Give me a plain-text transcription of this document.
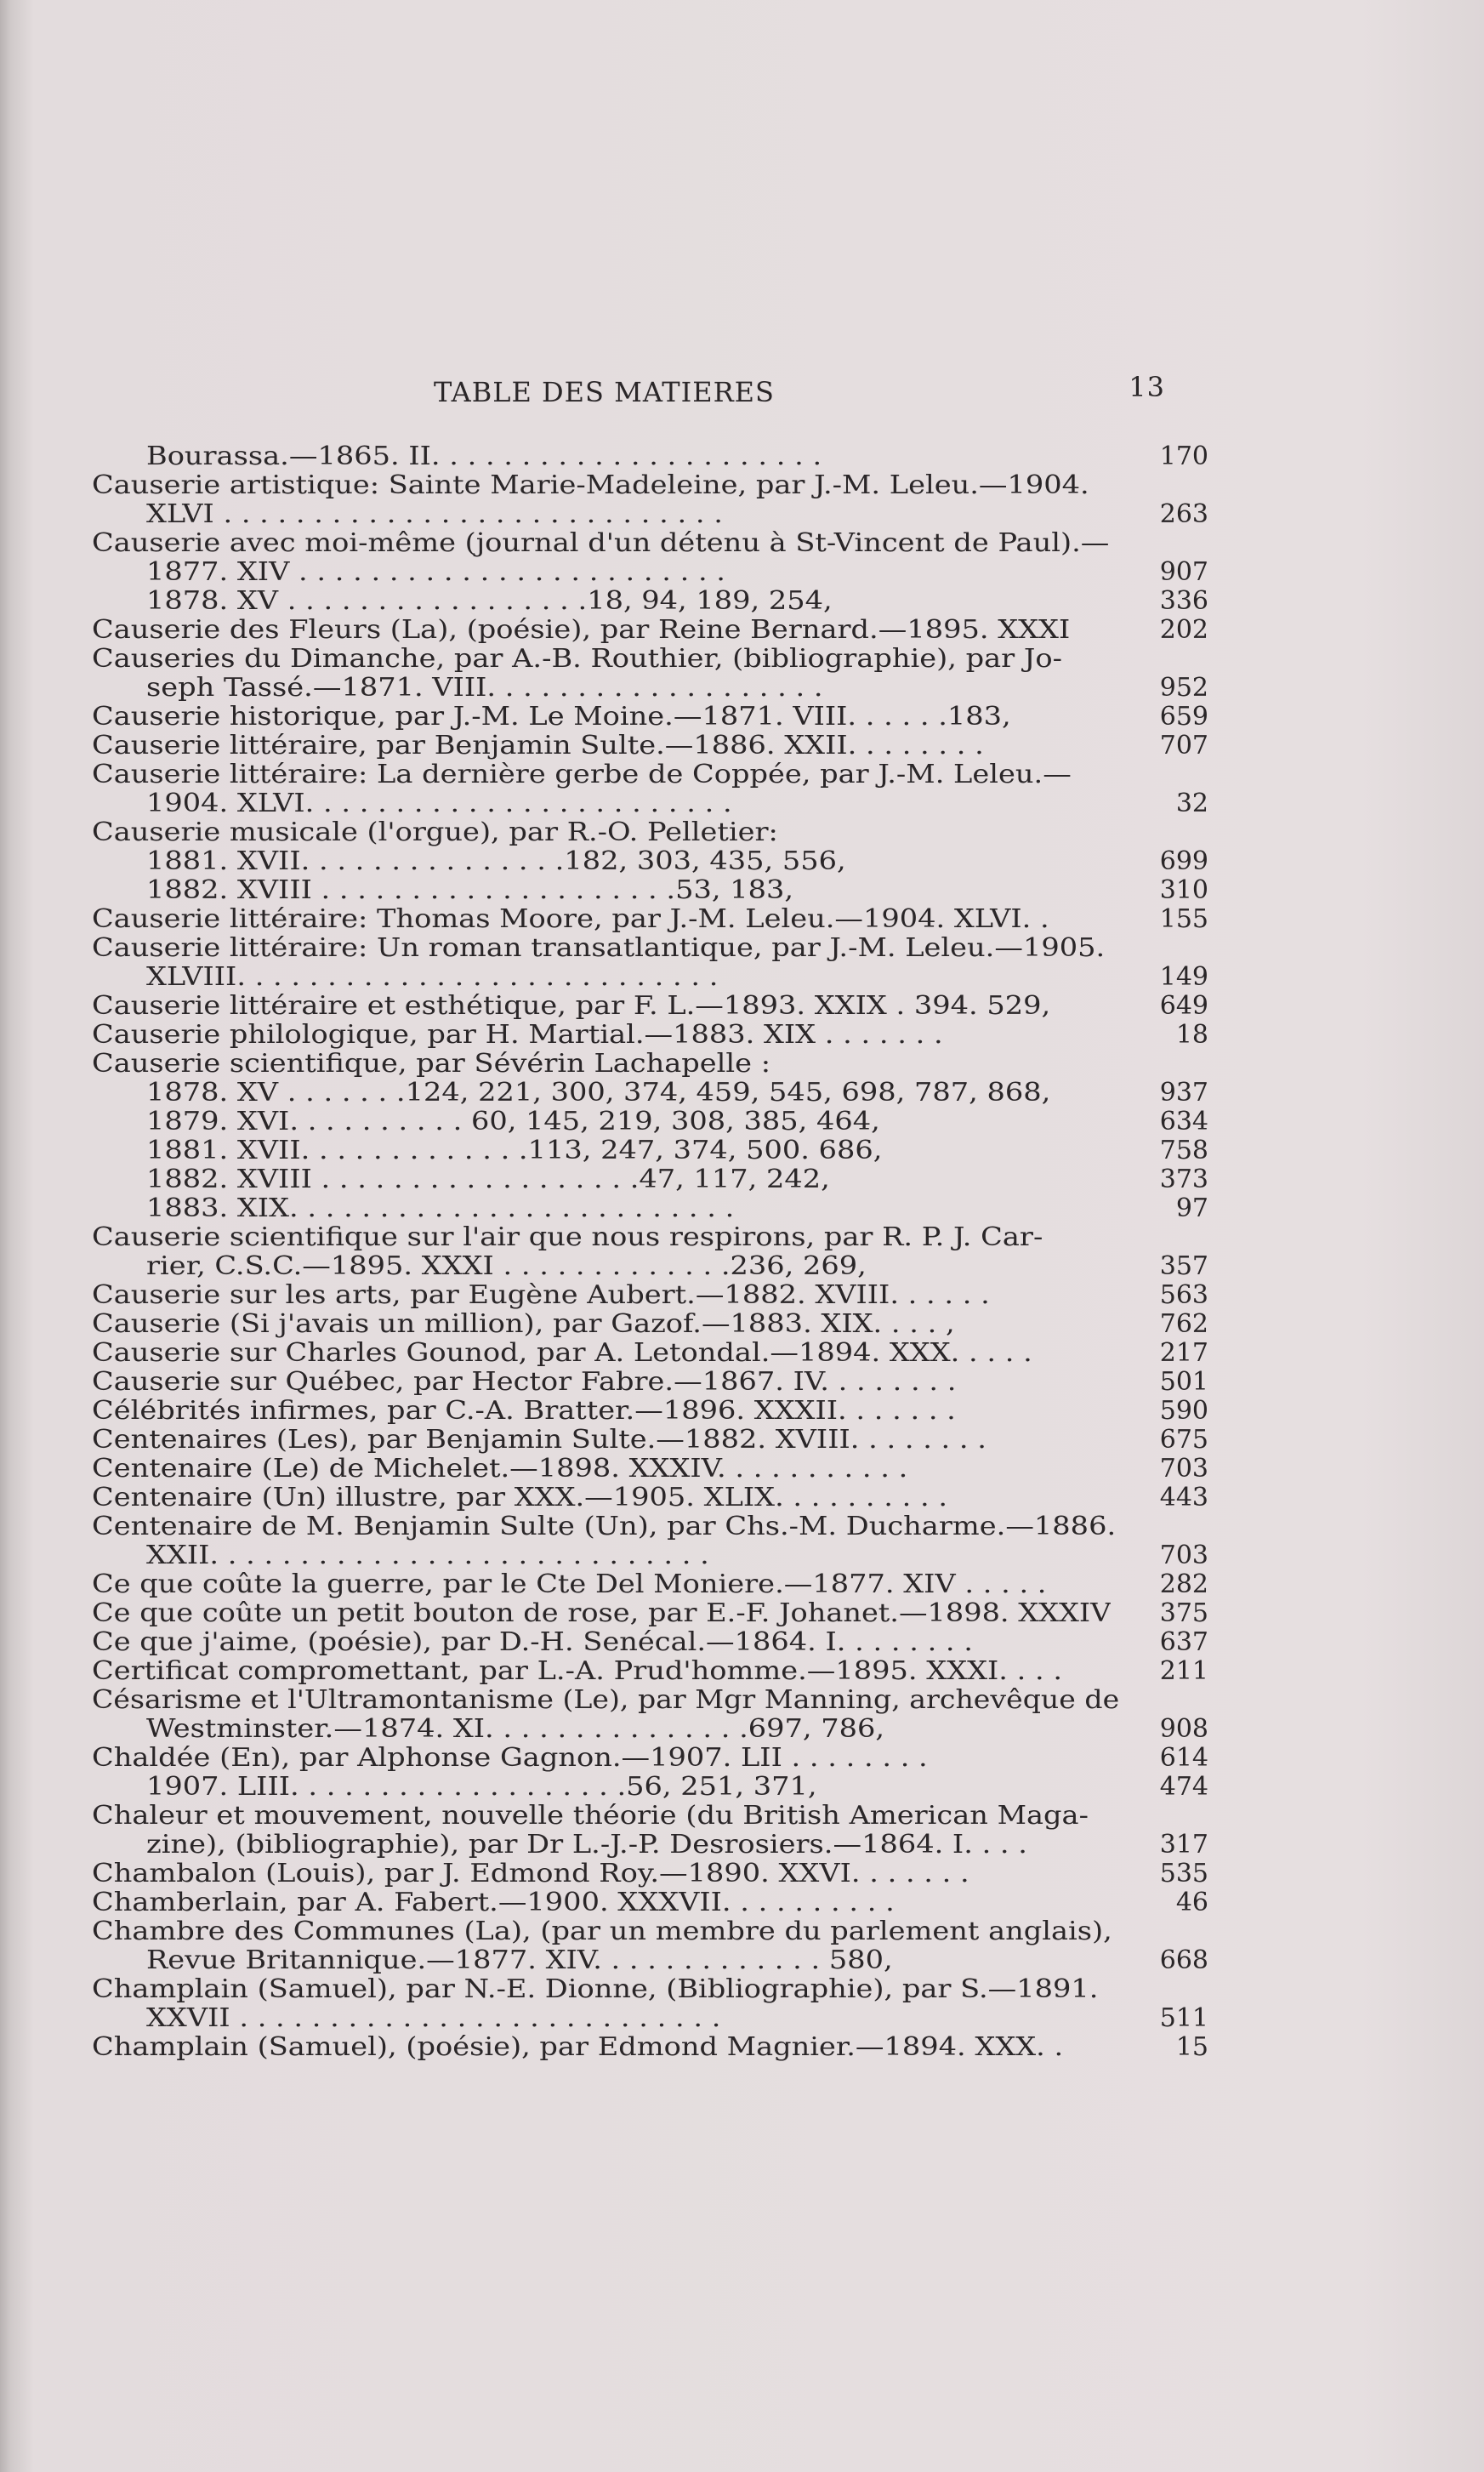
TABLE DES MATIERES	13
Bourassa.—1865. II. . . . . . . . . . . . . . . . . . . . . .	170
Causerie artistique: Sainte Marie-Madeleine, par J.-M. Leleu.—1904.
XLVI . . . . . . . . . . . . . . . . . . . . . . . . . . . .	263
Causerie avec moi-même (journal d'un détenu à St-Vincent de Paul).—
1877. XIV . . . . . . . . . . . . . . . . . . . . . . . .	907
1878. XV . . . . . . . . . . . . . . . . .18, 94, 189, 254,	336
Causerie des Fleurs (La), (poésie), par Reine Bernard.—1895. XXXI	202
Causeries du Dimanche, par A.-B. Routhier, (bibliographie), par Jo-
seph Tassé.—1871. VIII. . . . . . . . . . . . . . . . . . .	952
Causerie historique, par J.-M. Le Moine.—1871. VIII. . . . . .183,	659
Causerie littéraire, par Benjamin Sulte.—1886. XXII. . . . . . . .	707
Causerie littéraire: La dernière gerbe de Coppée, par J.-M. Leleu.—
1904. XLVI. . . . . . . . . . . . . . . . . . . . . . . .	32
Causerie musicale (l'orgue), par R.-O. Pelletier:
1881. XVII. . . . . . . . . . . . . . .182, 303, 435, 556,	699
1882. XVIII . . . . . . . . . . . . . . . . . . . .53, 183,	310
Causerie littéraire: Thomas Moore, par J.-M. Leleu.—1904. XLVI. .	155
Causerie littéraire: Un roman transatlantique, par J.-M. Leleu.—1905.
XLVIII. . . . . . . . . . . . . . . . . . . . . . . . . . .	149
Causerie littéraire et esthétique, par F. L.—1893. XXIX . 394. 529,	649
Causerie philologique, par H. Martial.—1883. XIX . . . . . . .	18
Causerie scientifique, par Sévérin Lachapelle :
1878. XV . . . . . . .124, 221, 300, 374, 459, 545, 698, 787, 868,	937
1879. XVI. . . . . . . . . . 60, 145, 219, 308, 385, 464,	634
1881. XVII. . . . . . . . . . . . .113, 247, 374, 500. 686,	758
1882. XVIII . . . . . . . . . . . . . . . . . .47, 117, 242,	373
1883. XIX. . . . . . . . . . . . . . . . . . . . . . . . .	97
Causerie scientifique sur l'air que nous respirons, par R. P. J. Car-
rier, C.S.C.—1895. XXXI . . . . . . . . . . . . .236, 269,	357
Causerie sur les arts, par Eugène Aubert.—1882. XVIII. . . . . .	563
Causerie (Si j'avais un million), par Gazof.—1883. XIX. . . . ,	762
Causerie sur Charles Gounod, par A. Letondal.—1894. XXX. . . . .	217
Causerie sur Québec, par Hector Fabre.—1867. IV. . . . . . . .	501
Célébrités infirmes, par C.-A. Bratter.—1896. XXXII. . . . . . .	590
Centenaires (Les), par Benjamin Sulte.—1882. XVIII. . . . . . . .	675
Centenaire (Le) de Michelet.—1898. XXXIV. . . . . . . . . . .	703
Centenaire (Un) illustre, par XXX.—1905. XLIX. . . . . . . . . .	443
Centenaire de M. Benjamin Sulte (Un), par Chs.-M. Ducharme.—1886.
XXII. . . . . . . . . . . . . . . . . . . . . . . . . . . .	703
Ce que coûte la guerre, par le Cte Del Moniere.—1877. XIV . . . . .	282
Ce que coûte un petit bouton de rose, par E.-F. Johanet.—1898. XXXIV	375
Ce que j'aime, (poésie), par D.-H. Senécal.—1864. I. . . . . . . .	637
Certificat compromettant, par L.-A. Prud'homme.—1895. XXXI. . . .	211
Césarisme et l'Ultramontanisme (Le), par Mgr Manning, archevêque de
Westminster.—1874. XI. . . . . . . . . . . . . . .697, 786,	908
Chaldée (En), par Alphonse Gagnon.—1907. LII . . . . . . . .	614
1907. LIII. . . . . . . . . . . . . . . . . . .56, 251, 371,	474
Chaleur et mouvement, nouvelle théorie (du British American Maga-
zine), (bibliographie), par Dr L.-J.-P. Desrosiers.—1864. I. . . .	317
Chambalon (Louis), par J. Edmond Roy.—1890. XXVI. . . . . . .	535
Chamberlain, par A. Fabert.—1900. XXXVII. . . . . . . . . .	46
Chambre des Communes (La), (par un membre du parlement anglais),
Revue Britannique.—1877. XIV. . . . . . . . . . . . . 580,	668
Champlain (Samuel), par N.-E. Dionne, (Bibliographie), par S.—1891.
XXVII . . . . . . . . . . . . . . . . . . . . . . . . . . .	511
Champlain (Samuel), (poésie), par Edmond Magnier.—1894. XXX. .	15
